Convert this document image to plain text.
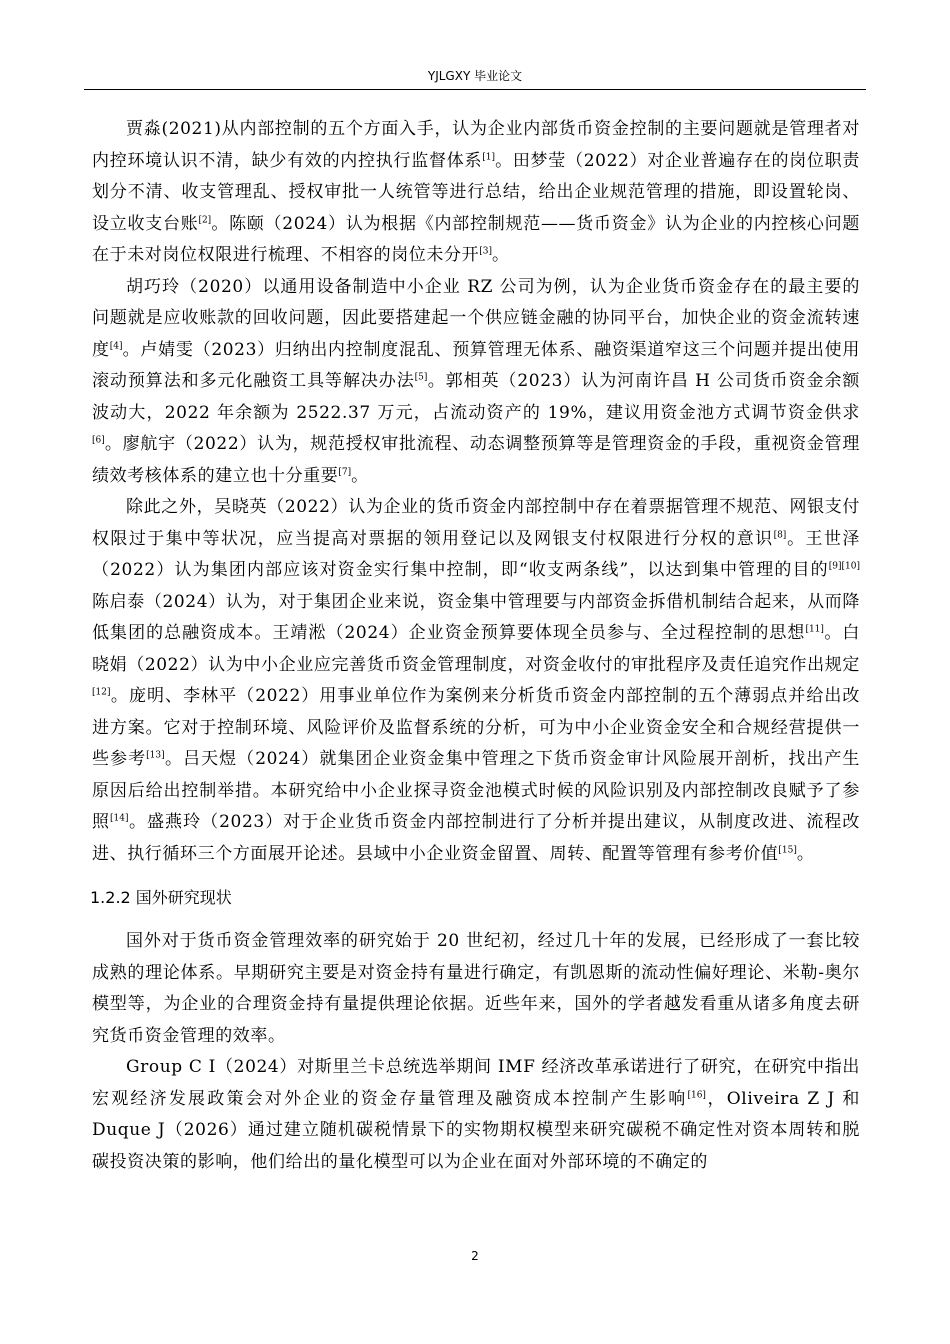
YJLGXY 毕业论文

贾淼(2021)从内部控制的五个方面入手，认为企业内部货币资金控制的主要问题就是管理者对内控环境认识不清，缺少有效的内控执行监督体系[1]。田梦莹（2022）对企业普遍存在的岗位职责划分不清、收支管理乱、授权审批一人统管等进行总结，给出企业规范管理的措施，即设置轮岗、设立收支台账[2]。陈颐（2024）认为根据《内部控制规范——货币资金》认为企业的内控核心问题在于未对岗位权限进行梳理、不相容的岗位未分开[3]。

胡巧玲（2020）以通用设备制造中小企业 RZ 公司为例，认为企业货币资金存在的最主要的问题就是应收账款的回收问题，因此要搭建起一个供应链金融的协同平台，加快企业的资金流转速度[4]。卢婧雯（2023）归纳出内控制度混乱、预算管理无体系、融资渠道窄这三个问题并提出使用滚动预算法和多元化融资工具等解决办法[5]。郭相英（2023）认为河南许昌 H 公司货币资金余额波动大，2022 年余额为 2522.37 万元，占流动资产的 19%，建议用资金池方式调节资金供求[6]。廖航宇（2022）认为，规范授权审批流程、动态调整预算等是管理资金的手段，重视资金管理绩效考核体系的建立也十分重要[7]。

除此之外，吴晓英（2022）认为企业的货币资金内部控制中存在着票据管理不规范、网银支付权限过于集中等状况，应当提高对票据的领用登记以及网银支付权限进行分权的意识[8]。王世泽（2022）认为集团内部应该对资金实行集中控制，即“收支两条线”，以达到集中管理的目的[9][10] 陈启泰（2024）认为，对于集团企业来说，资金集中管理要与内部资金拆借机制结合起来，从而降低集团的总融资成本。王靖淞（2024）企业资金预算要体现全员参与、全过程控制的思想[11]。白晓娟（2022）认为中小企业应完善货币资金管理制度，对资金收付的审批程序及责任追究作出规定[12]。庞明、李林平（2022）用事业单位作为案例来分析货币资金内部控制的五个薄弱点并给出改进方案。它对于控制环境、风险评价及监督系统的分析，可为中小企业资金安全和合规经营提供一些参考[13]。吕天煜（2024）就集团企业资金集中管理之下货币资金审计风险展开剖析，找出产生原因后给出控制举措。本研究给中小企业探寻资金池模式时候的风险识别及内部控制改良赋予了参照[14]。盛燕玲（2023）对于企业货币资金内部控制进行了分析并提出建议，从制度改进、流程改进、执行循环三个方面展开论述。县域中小企业资金留置、周转、配置等管理有参考价值[15]。

1.2.2 国外研究现状

国外对于货币资金管理效率的研究始于 20 世纪初，经过几十年的发展，已经形成了一套比较成熟的理论体系。早期研究主要是对资金持有量进行确定，有凯恩斯的流动性偏好理论、米勒-奥尔模型等，为企业的合理资金持有量提供理论依据。近些年来，国外的学者越发看重从诸多角度去研究货币资金管理的效率。

Group C I（2024）对斯里兰卡总统选举期间 IMF 经济改革承诺进行了研究，在研究中指出宏观经济发展政策会对外企业的资金存量管理及融资成本控制产生影响[16]，Oliveira Z J 和 Duque J（2026）通过建立随机碳税情景下的实物期权模型来研究碳税不确定性对资本周转和脱碳投资决策的影响，他们给出的量化模型可以为企业在面对外部环境的不确定的

2
